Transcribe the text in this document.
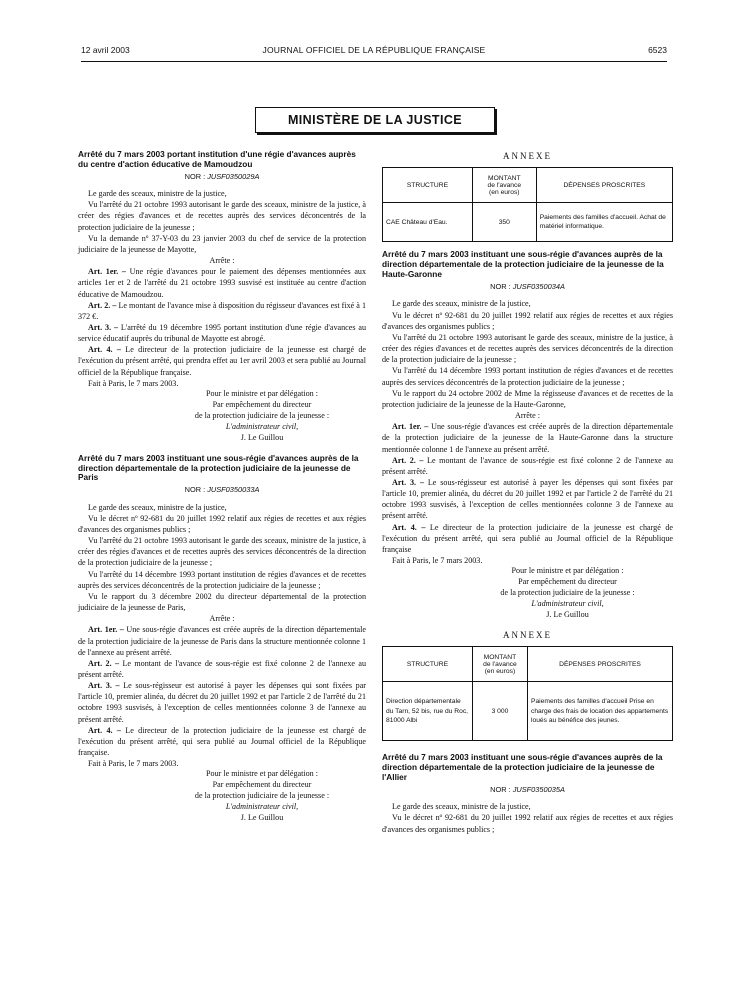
12 avril 2003	JOURNAL OFFICIEL DE LA RÉPUBLIQUE FRANÇAISE	6523
MINISTÈRE DE LA JUSTICE
Arrêté du 7 mars 2003 portant institution d'une régie d'avances auprès du centre d'action éducative de Mamoudzou
NOR : JUSF0350029A

Le garde des sceaux, ministre de la justice,

Vu l'arrêté du 21 octobre 1993 autorisant le garde des sceaux, ministre de la justice, à créer des régies d'avances et de recettes auprès des services déconcentrés de la protection judiciaire de la jeunesse ;

Vu la demande nº 37-Y-03 du 23 janvier 2003 du chef de service de la protection judiciaire de la jeunesse de Mayotte,

Arrête :

Art. 1er. – Une régie d'avances pour le paiement des dépenses mentionnées aux articles 1er et 2 de l'arrêté du 21 octobre 1993 susvisé est instituée au centre d'action éducative de Mamoudzou.

Art. 2. – Le montant de l'avance mise à disposition du régisseur d'avances est fixé à 1 372 €.

Art. 3. – L'arrêté du 19 décembre 1995 portant institution d'une régie d'avances au service éducatif auprès du tribunal de Mayotte est abrogé.

Art. 4. – Le directeur de la protection judiciaire de la jeunesse est chargé de l'exécution du présent arrêté, qui prendra effet au 1er avril 2003 et sera publié au Journal officiel de la République française.

Fait à Paris, le 7 mars 2003.

Pour le ministre et par délégation :
Par empêchement du directeur
de la protection judiciaire de la jeunesse :
L'administrateur civil,
J. Le Guillou
Arrêté du 7 mars 2003 instituant une sous-régie d'avances auprès de la direction départementale de la protection judiciaire de la jeunesse de Paris
NOR : JUSF0350033A

Le garde des sceaux, ministre de la justice,

Vu le décret nº 92-681 du 20 juillet 1992 relatif aux régies de recettes et aux régies d'avances des organismes publics ;

Vu l'arrêté du 21 octobre 1993 autorisant le garde des sceaux, ministre de la justice, à créer des régies d'avances et de recettes auprès des services déconcentrés de la direction de la protection judiciaire de la jeunesse ;

Vu l'arrêté du 14 décembre 1993 portant institution de régies d'avances et de recettes auprès des services déconcentrés de la protection judiciaire de la jeunesse ;

Vu le rapport du 3 décembre 2002 du directeur départemental de la protection judiciaire de la jeunesse de Paris,

Arrête :

Art. 1er. – Une sous-régie d'avances est créée auprès de la direction départementale de la protection judiciaire de la jeunesse de Paris dans la structure mentionnée colonne 1 de l'annexe au présent arrêté.

Art. 2. – Le montant de l'avance de sous-régie est fixé colonne 2 de l'annexe au présent arrêté.

Art. 3. – Le sous-régisseur est autorisé à payer les dépenses qui sont fixées par l'article 10, premier alinéa, du décret du 20 juillet 1992 et par l'article 2 de l'arrêté du 21 octobre 1993 susvisés, à l'exception de celles mentionnées colonne 3 de l'annexe au présent arrêté.

Art. 4. – Le directeur de la protection judiciaire de la jeunesse est chargé de l'exécution du présent arrêté, qui sera publié au Journal officiel de la République française.

Fait à Paris, le 7 mars 2003.

Pour le ministre et par délégation :
Par empêchement du directeur
de la protection judiciaire de la jeunesse :
L'administrateur civil,
J. Le Guillou
ANNEXE
STRUCTURE	MONTANT
de l'avance
(en euros)	DÉPENSES PROSCRITES
CAE Château d'Eau.	350	Paiements des familles d'accueil. Achat de matériel informatique.
Arrêté du 7 mars 2003 instituant une sous-régie d'avances auprès de la direction départementale de la protection judiciaire de la jeunesse de la Haute-Garonne
NOR : JUSF0350034A

Le garde des sceaux, ministre de la justice,

Vu le décret nº 92-681 du 20 juillet 1992 relatif aux régies de recettes et aux régies d'avances des organismes publics ;

Vu l'arrêté du 21 octobre 1993 autorisant le garde des sceaux, ministre de la justice, à créer des régies d'avances et de recettes auprès des services déconcentrés de la direction de la protection judiciaire de la jeunesse ;

Vu l'arrêté du 14 décembre 1993 portant institution de régies d'avances et de recettes auprès des services déconcentrés de la protection judiciaire de la jeunesse ;

Vu le rapport du 24 octobre 2002 de Mme la régisseuse d'avances et de recettes de la protection judiciaire de la jeunesse de la Haute-Garonne,

Arrête :

Art. 1er. – Une sous-régie d'avances est créée auprès de la direction départementale de la protection judiciaire de la jeunesse de la Haute-Garonne dans la structure mentionnée colonne 1 de l'annexe au présent arrêté.

Art. 2. – Le montant de l'avance de sous-régie est fixé colonne 2 de l'annexe au présent arrêté.

Art. 3. – Le sous-régisseur est autorisé à payer les dépenses qui sont fixées par l'article 10, premier alinéa, du décret du 20 juillet 1992 et par l'article 2 de l'arrêté du 21 octobre 1993 susvisés, à l'exception de celles mentionnées colonne 3 de l'annexe au présent arrêté.

Art. 4. – Le directeur de la protection judiciaire de la jeunesse est chargé de l'exécution du présent arrêté, qui sera publié au Journal officiel de la République française

Fait à Paris, le 7 mars 2003.

Pour le ministre et par délégation :
Par empêchement du directeur
de la protection judiciaire de la jeunesse :
L'administrateur civil,
J. Le Guillou
ANNEXE
STRUCTURE	MONTANT
de l'avance
(en euros)	DÉPENSES PROSCRITES
Direction départementale du Tarn, 52 bis, rue du Roc, 81000 Albi	3 000	Paiements des familles d'accueil Prise en charge des frais de location des appartements loués au bénéfice des jeunes.
Arrêté du 7 mars 2003 instituant une sous-régie d'avances auprès de la direction départementale de la protection judiciaire de la jeunesse de l'Allier
NOR : JUSF0350035A

Le garde des sceaux, ministre de la justice,

Vu le décret nº 92-681 du 20 juillet 1992 relatif aux régies de recettes et aux régies d'avances des organismes publics ;
